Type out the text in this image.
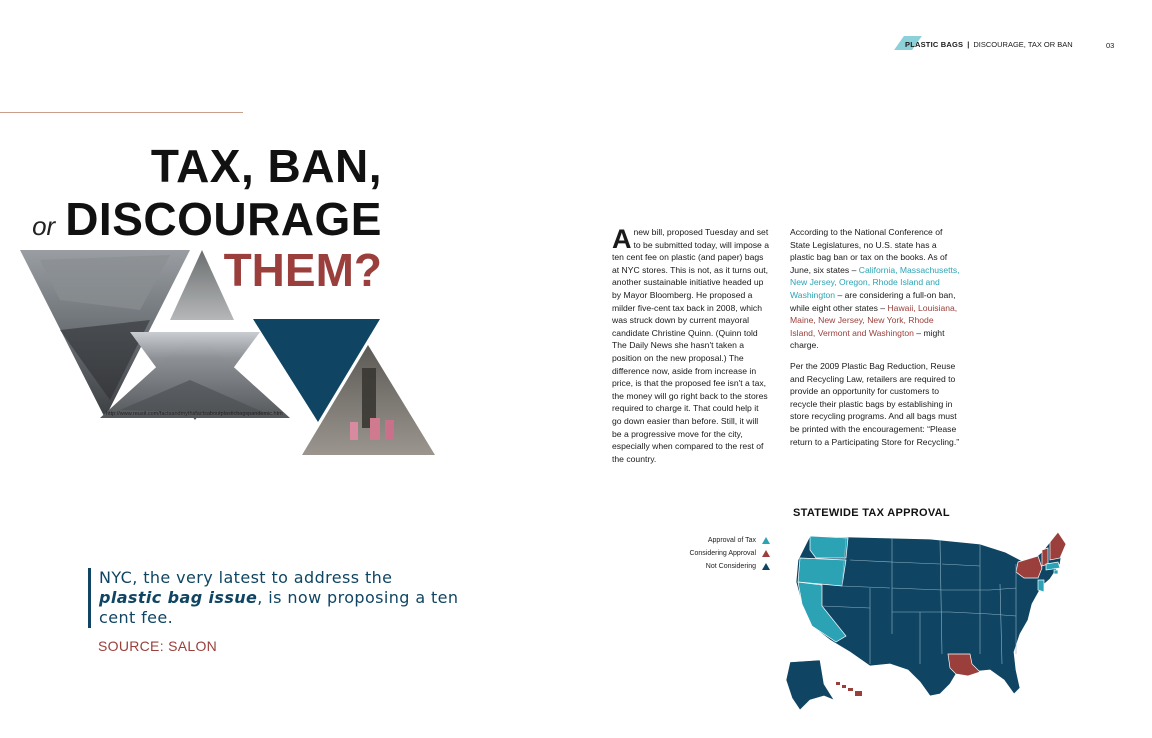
PLASTIC BAGS | DISCOURAGE, TAX OR BAN	03
TAX, BAN,
or DISCOURAGE
THEM?
http://www.reusit.com/factsandmythsfactsaboutplasticbagspandemic.htm

Anew bill, proposed Tuesday and set to be submitted today, will impose a ten cent fee on plastic (and paper) bags at NYC stores. This is not, as it turns out, another sustainable initiative headed up by Mayor Bloomberg. He proposed a milder five-cent tax back in 2008, which was struck down by current mayoral candidate Christine Quinn. (Quinn told The Daily News she hasn't taken a position on the new proposal.) The difference now, aside from increase in price, is that the proposed fee isn't a tax, the money will go right back to the stores required to charge it. That could help it go down easier than before. Still, it will be a progressive move for the city, especially when compared to the rest of the country.

According to the National Conference of State Legislatures, no U.S. state has a plastic bag ban or tax on the books. As of June, six states – California, Massachusetts, New Jersey, Oregon, Rhode Island and Washington – are considering a full-on ban, while eight other states – Hawaii, Louisiana, Maine, New Jersey, New York, Rhode Island, Vermont and Washington – might charge.

Per the 2009 Plastic Bag Reduction, Reuse and Recycling Law, retailers are required to provide an opportunity for customers to recycle their plastic bags by establishing in store recycling programs. And all bags must be printed with the encouragement: “Please return to a Participating Store for Recycling.”

NYC, the very latest to address the plastic bag issue, is now proposing a ten cent fee.
SOURCE: SALON
STATEWIDE TAX APPROVAL
Approval of Tax
Considering Approval
Not Considering
